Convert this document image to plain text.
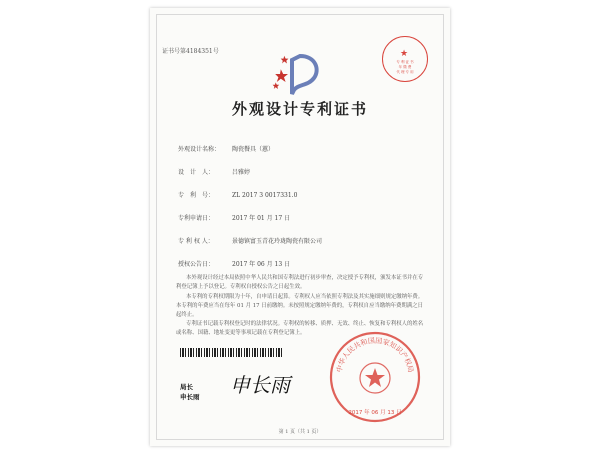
证书号第4184351号	★
专 利 证 书
年 缴 费
代 理 专 用
外观设计专利证书
外观设计名称： 陶瓷餐具（蕙）
设　计　人：	吕雅婷
专　利　号：	ZL 2017 3 0017331.0
专利申请日：	2017 年 01 月 17 日
专 利 权 人：	景德镇富玉青花玲珑陶瓷有限公司
授权公告日：	2017 年 06 月 13 日
本外观设计经过本局依照中华人民共和国专利法进行初步审查，决定授予专利权，颁发本证书并在专利登记簿上予以登记。专利权自授权公告之日起生效。
本专利的专利权期限为十年，自申请日起算。专利权人应当依照专利法及其实施细则规定缴纳年费。本专利的年费应当在每年 01 月 17 日前缴纳。未按照规定缴纳年费的，专利权自应当缴纳年费期满之日起终止。
专利证书记载专利权登记时的法律状况。专利权的转移、质押、无效、终止、恢复和专利权人的姓名或名称、国籍、地址变更等事项记载在专利登记簿上。
局长
申长雨 申长雨
中华人民共和国国家知识产权局
2017 年 06 月 13 日
第 1 页（共 1 页）
